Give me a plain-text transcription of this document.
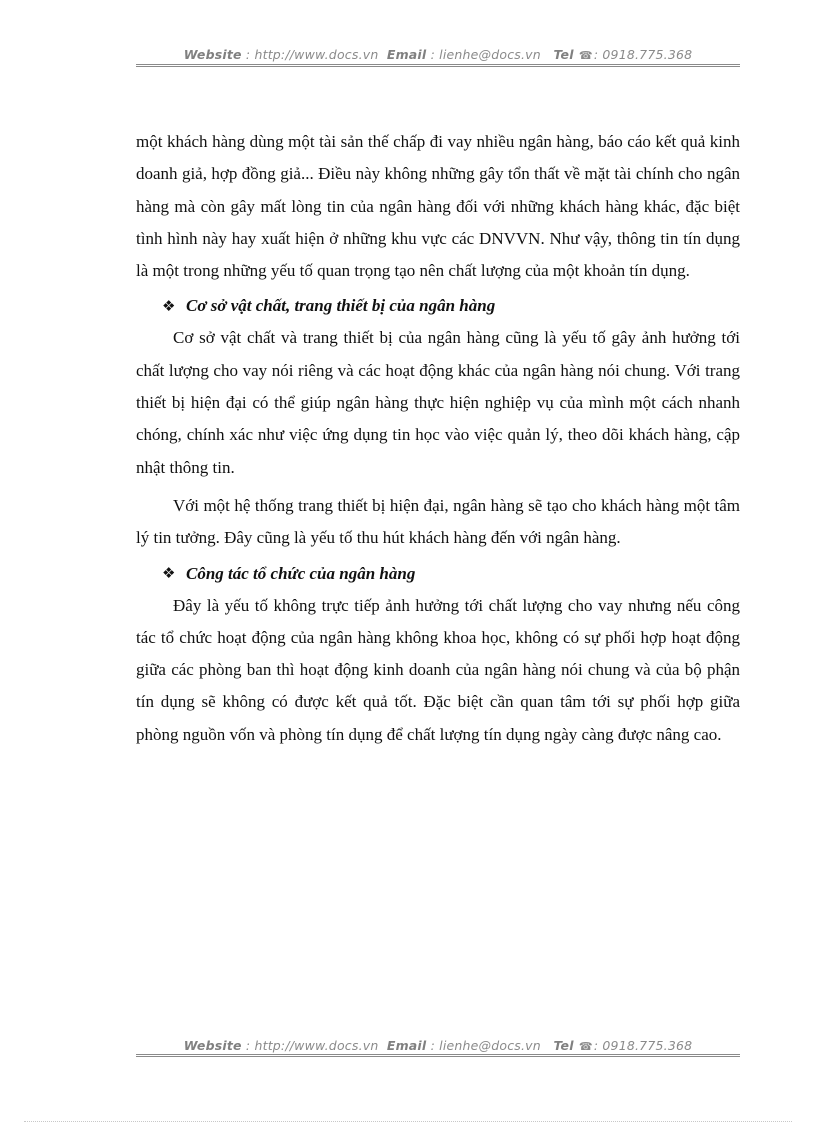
Website : http://www.docs.vn Email : lienhe@docs.vn Tel ☎: 0918.775.368

một khách hàng dùng một tài sản thế chấp đi vay nhiều ngân hàng, báo cáo kết quả kinh doanh giả, hợp đồng giả... Điều này không những gây tổn thất về mặt tài chính cho ngân hàng mà còn gây mất lòng tin của ngân hàng đối với những khách hàng khác, đặc biệt tình hình này hay xuất hiện ở những khu vực các DNVVN. Như vậy, thông tin tín dụng là một trong những yếu tố quan trọng tạo nên chất lượng của một khoản tín dụng.

❖ Cơ sở vật chất, trang thiết bị của ngân hàng

Cơ sở vật chất và trang thiết bị của ngân hàng cũng là yếu tố gây ảnh hưởng tới chất lượng cho vay nói riêng và các hoạt động khác của ngân hàng nói chung. Với trang thiết bị hiện đại có thể giúp ngân hàng thực hiện nghiệp vụ của mình một cách nhanh chóng, chính xác như việc ứng dụng tin học vào việc quản lý, theo dõi khách hàng, cập nhật thông tin.

Với một hệ thống trang thiết bị hiện đại, ngân hàng sẽ tạo cho khách hàng một tâm lý tin tưởng. Đây cũng là yếu tố thu hút khách hàng đến với ngân hàng.

❖ Công tác tổ chức của ngân hàng

Đây là yếu tố không trực tiếp ảnh hưởng tới chất lượng cho vay nhưng nếu công tác tổ chức hoạt động của ngân hàng không khoa học, không có sự phối hợp hoạt động giữa các phòng ban thì hoạt động kinh doanh của ngân hàng nói chung và của bộ phận tín dụng sẽ không có được kết quả tốt. Đặc biệt cần quan tâm tới sự phối hợp giữa phòng nguồn vốn và phòng tín dụng để chất lượng tín dụng ngày càng được nâng cao.

Website : http://www.docs.vn Email : lienhe@docs.vn Tel ☎: 0918.775.368
